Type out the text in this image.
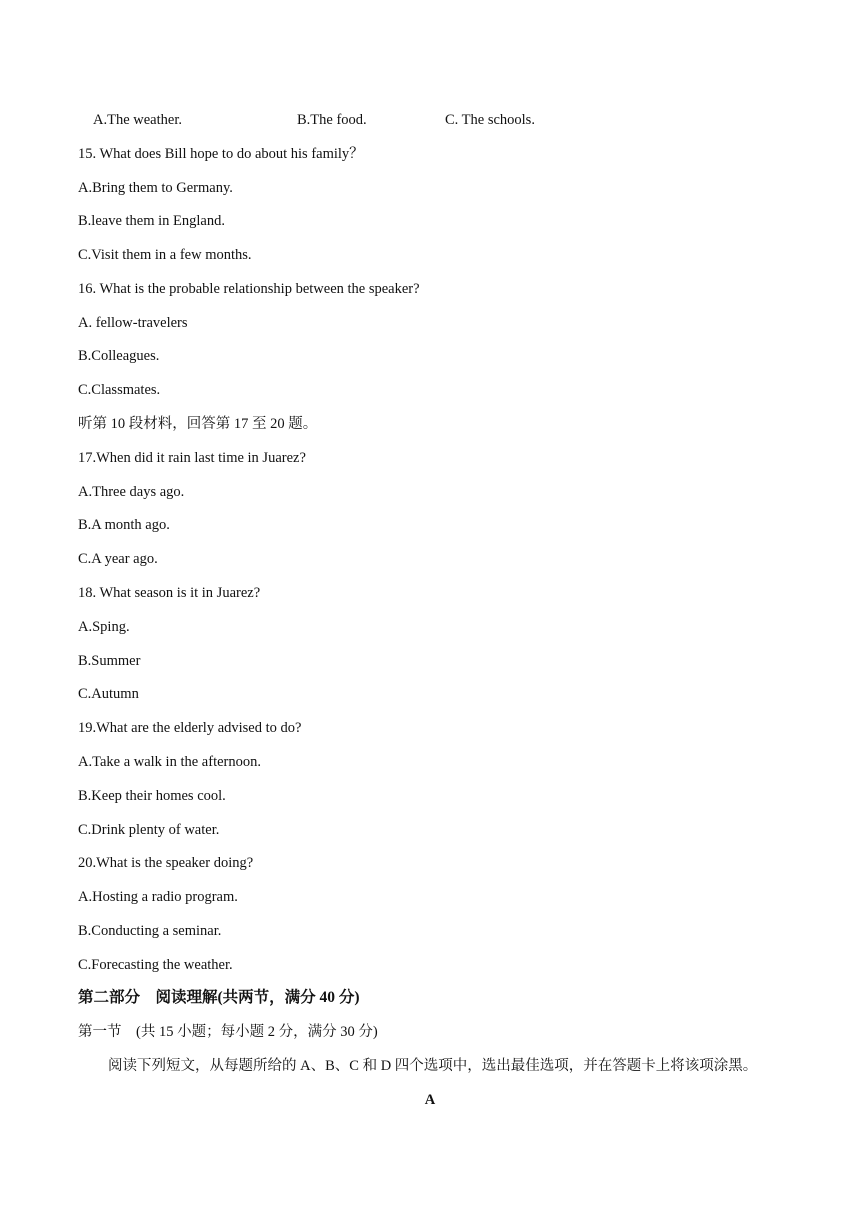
A.The weather.	B.The food.	C. The schools.
15. What does Bill hope to do about his family？
A.Bring them to Germany.
B.leave them in England.
C.Visit them in a few months.
16. What is the probable relationship between the speaker?
A. fellow-travelers
B.Colleagues.
C.Classmates.
听第 10 段材料，回答第 17 至 20 题。
17.When did it rain last time in Juarez?
A.Three days ago.
B.A month ago.
C.A year ago.
18. What season is it in Juarez?
A.Sping.
B.Summer
C.Autumn
19.What are the elderly advised to do?
A.Take a walk in the afternoon.
B.Keep their homes cool.
C.Drink plenty of water.
20.What is the speaker doing?
A.Hosting a radio program.
B.Conducting a seminar.
C.Forecasting the weather.
第二部分　阅读理解(共两节，满分 40 分)
第一节　(共 15 小题；每小题 2 分，满分 30 分)
阅读下列短文，从每题所给的 A、B、C 和 D 四个选项中，选出最佳选项，并在答题卡上将该项涂黑。
A
